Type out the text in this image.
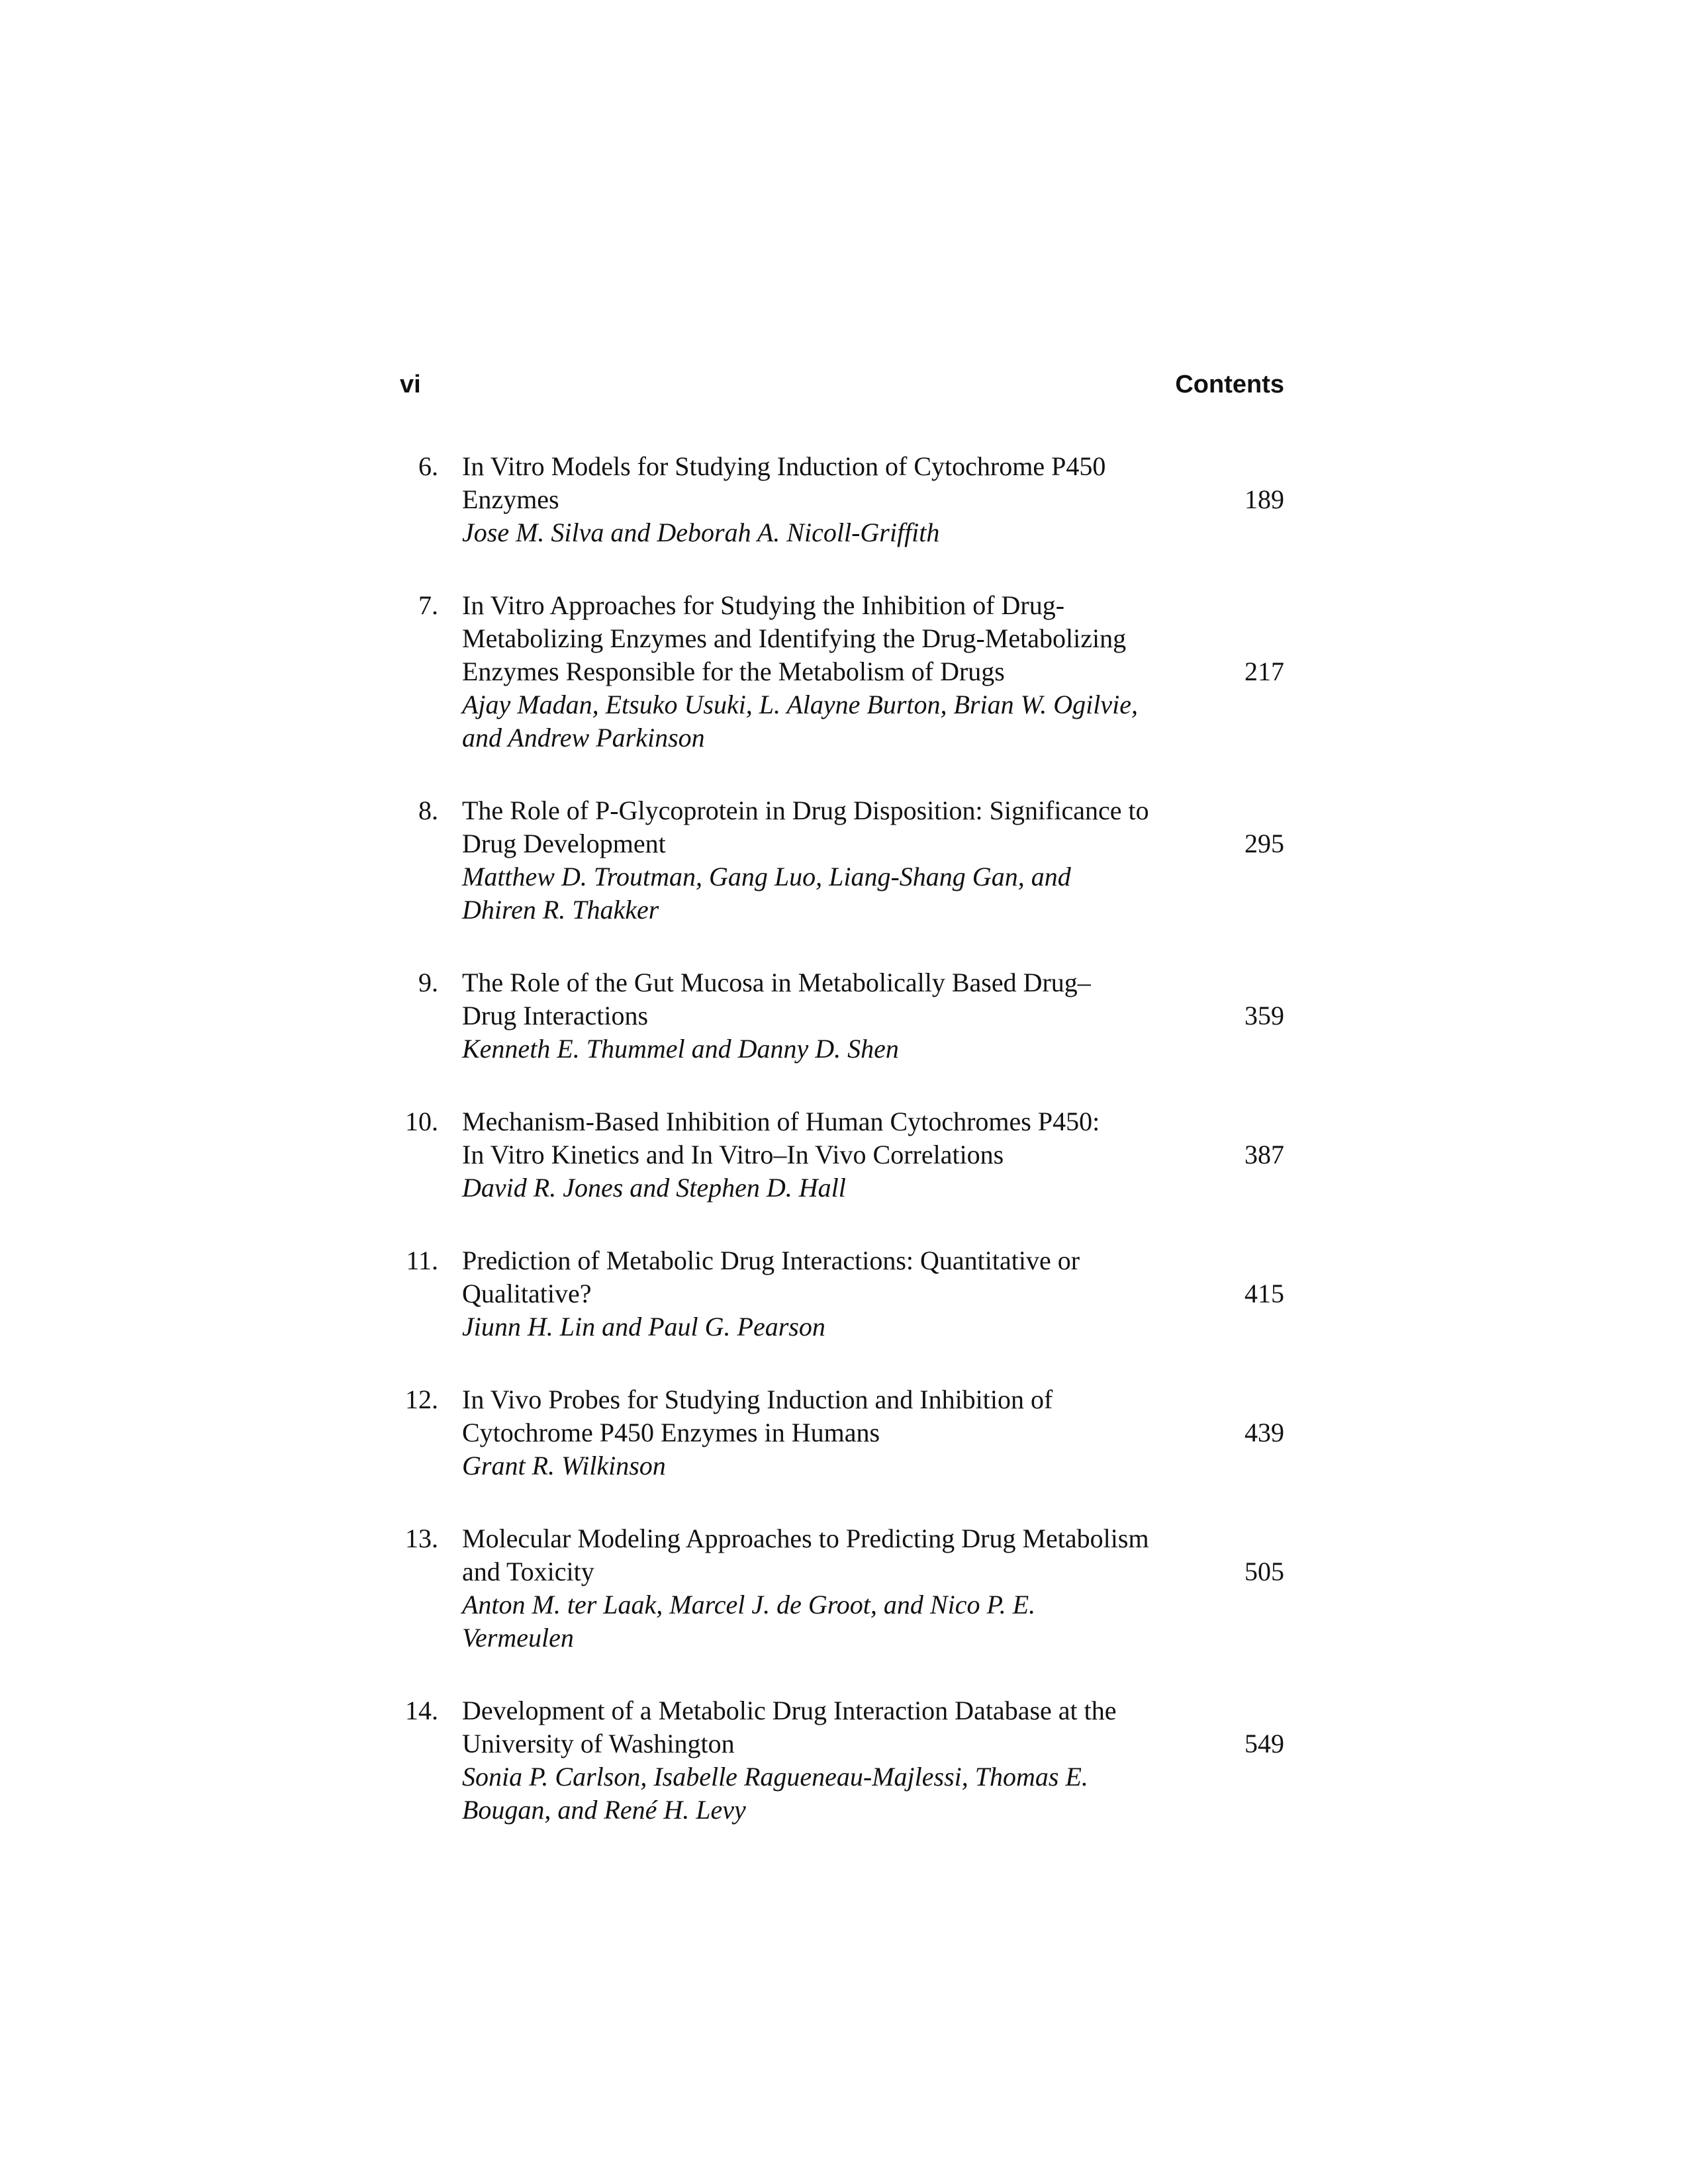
vi	Contents
6. In Vitro Models for Studying Induction of Cytochrome P450
Enzymes
Jose M. Silva and Deborah A. Nicoll-Griffith
189
7. In Vitro Approaches for Studying the Inhibition of Drug-
Metabolizing Enzymes and Identifying the Drug-Metabolizing
Enzymes Responsible for the Metabolism of Drugs
Ajay Madan, Etsuko Usuki, L. Alayne Burton, Brian W. Ogilvie,
and Andrew Parkinson
217
8. The Role of P-Glycoprotein in Drug Disposition: Significance to
Drug Development
Matthew D. Troutman, Gang Luo, Liang-Shang Gan, and
Dhiren R. Thakker
295
9. The Role of the Gut Mucosa in Metabolically Based Drug–
Drug Interactions
Kenneth E. Thummel and Danny D. Shen
359
10. Mechanism-Based Inhibition of Human Cytochromes P450:
In Vitro Kinetics and In Vitro–In Vivo Correlations
David R. Jones and Stephen D. Hall
387
11. Prediction of Metabolic Drug Interactions: Quantitative or
Qualitative?
Jiunn H. Lin and Paul G. Pearson
415
12. In Vivo Probes for Studying Induction and Inhibition of
Cytochrome P450 Enzymes in Humans
Grant R. Wilkinson
439
13. Molecular Modeling Approaches to Predicting Drug Metabolism
and Toxicity
Anton M. ter Laak, Marcel J. de Groot, and Nico P. E.
Vermeulen
505
14. Development of a Metabolic Drug Interaction Database at the
University of Washington
Sonia P. Carlson, Isabelle Ragueneau-Majlessi, Thomas E.
Bougan, and René H. Levy
549
